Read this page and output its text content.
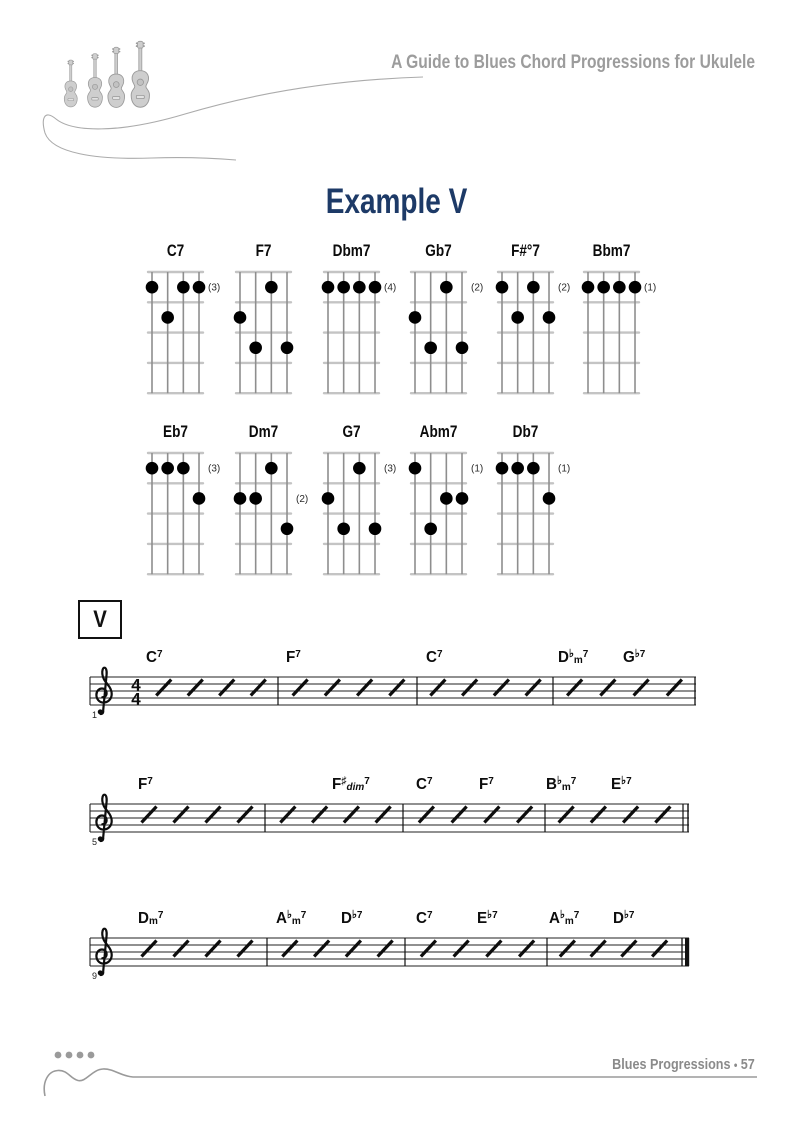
A Guide to Blues Chord Progressions for Ukulele
Example V
V
C7
(3)
F7	Dbm7
(4)
Gb7
(2)
F#°7
(2)
Bbm7
(1)
Eb7
(3)
Dm7
(2)
G7
(3)
Abm7
(1)
Db7
(1)
4
4
1
$C^7$	$F^7$	$C^7$	$D^♭_m^7$ G♭7
5
$F^7$	$F^♯_{dim}^7$	$C^7$	$F^7$	$B^♭_m^7$ E♭7
9
Dm$^7$	$A^♭_m^7$ D♭7	$C^7$	E♭7	$A^♭_m^7$ D♭7
Blues Progressions • 57
